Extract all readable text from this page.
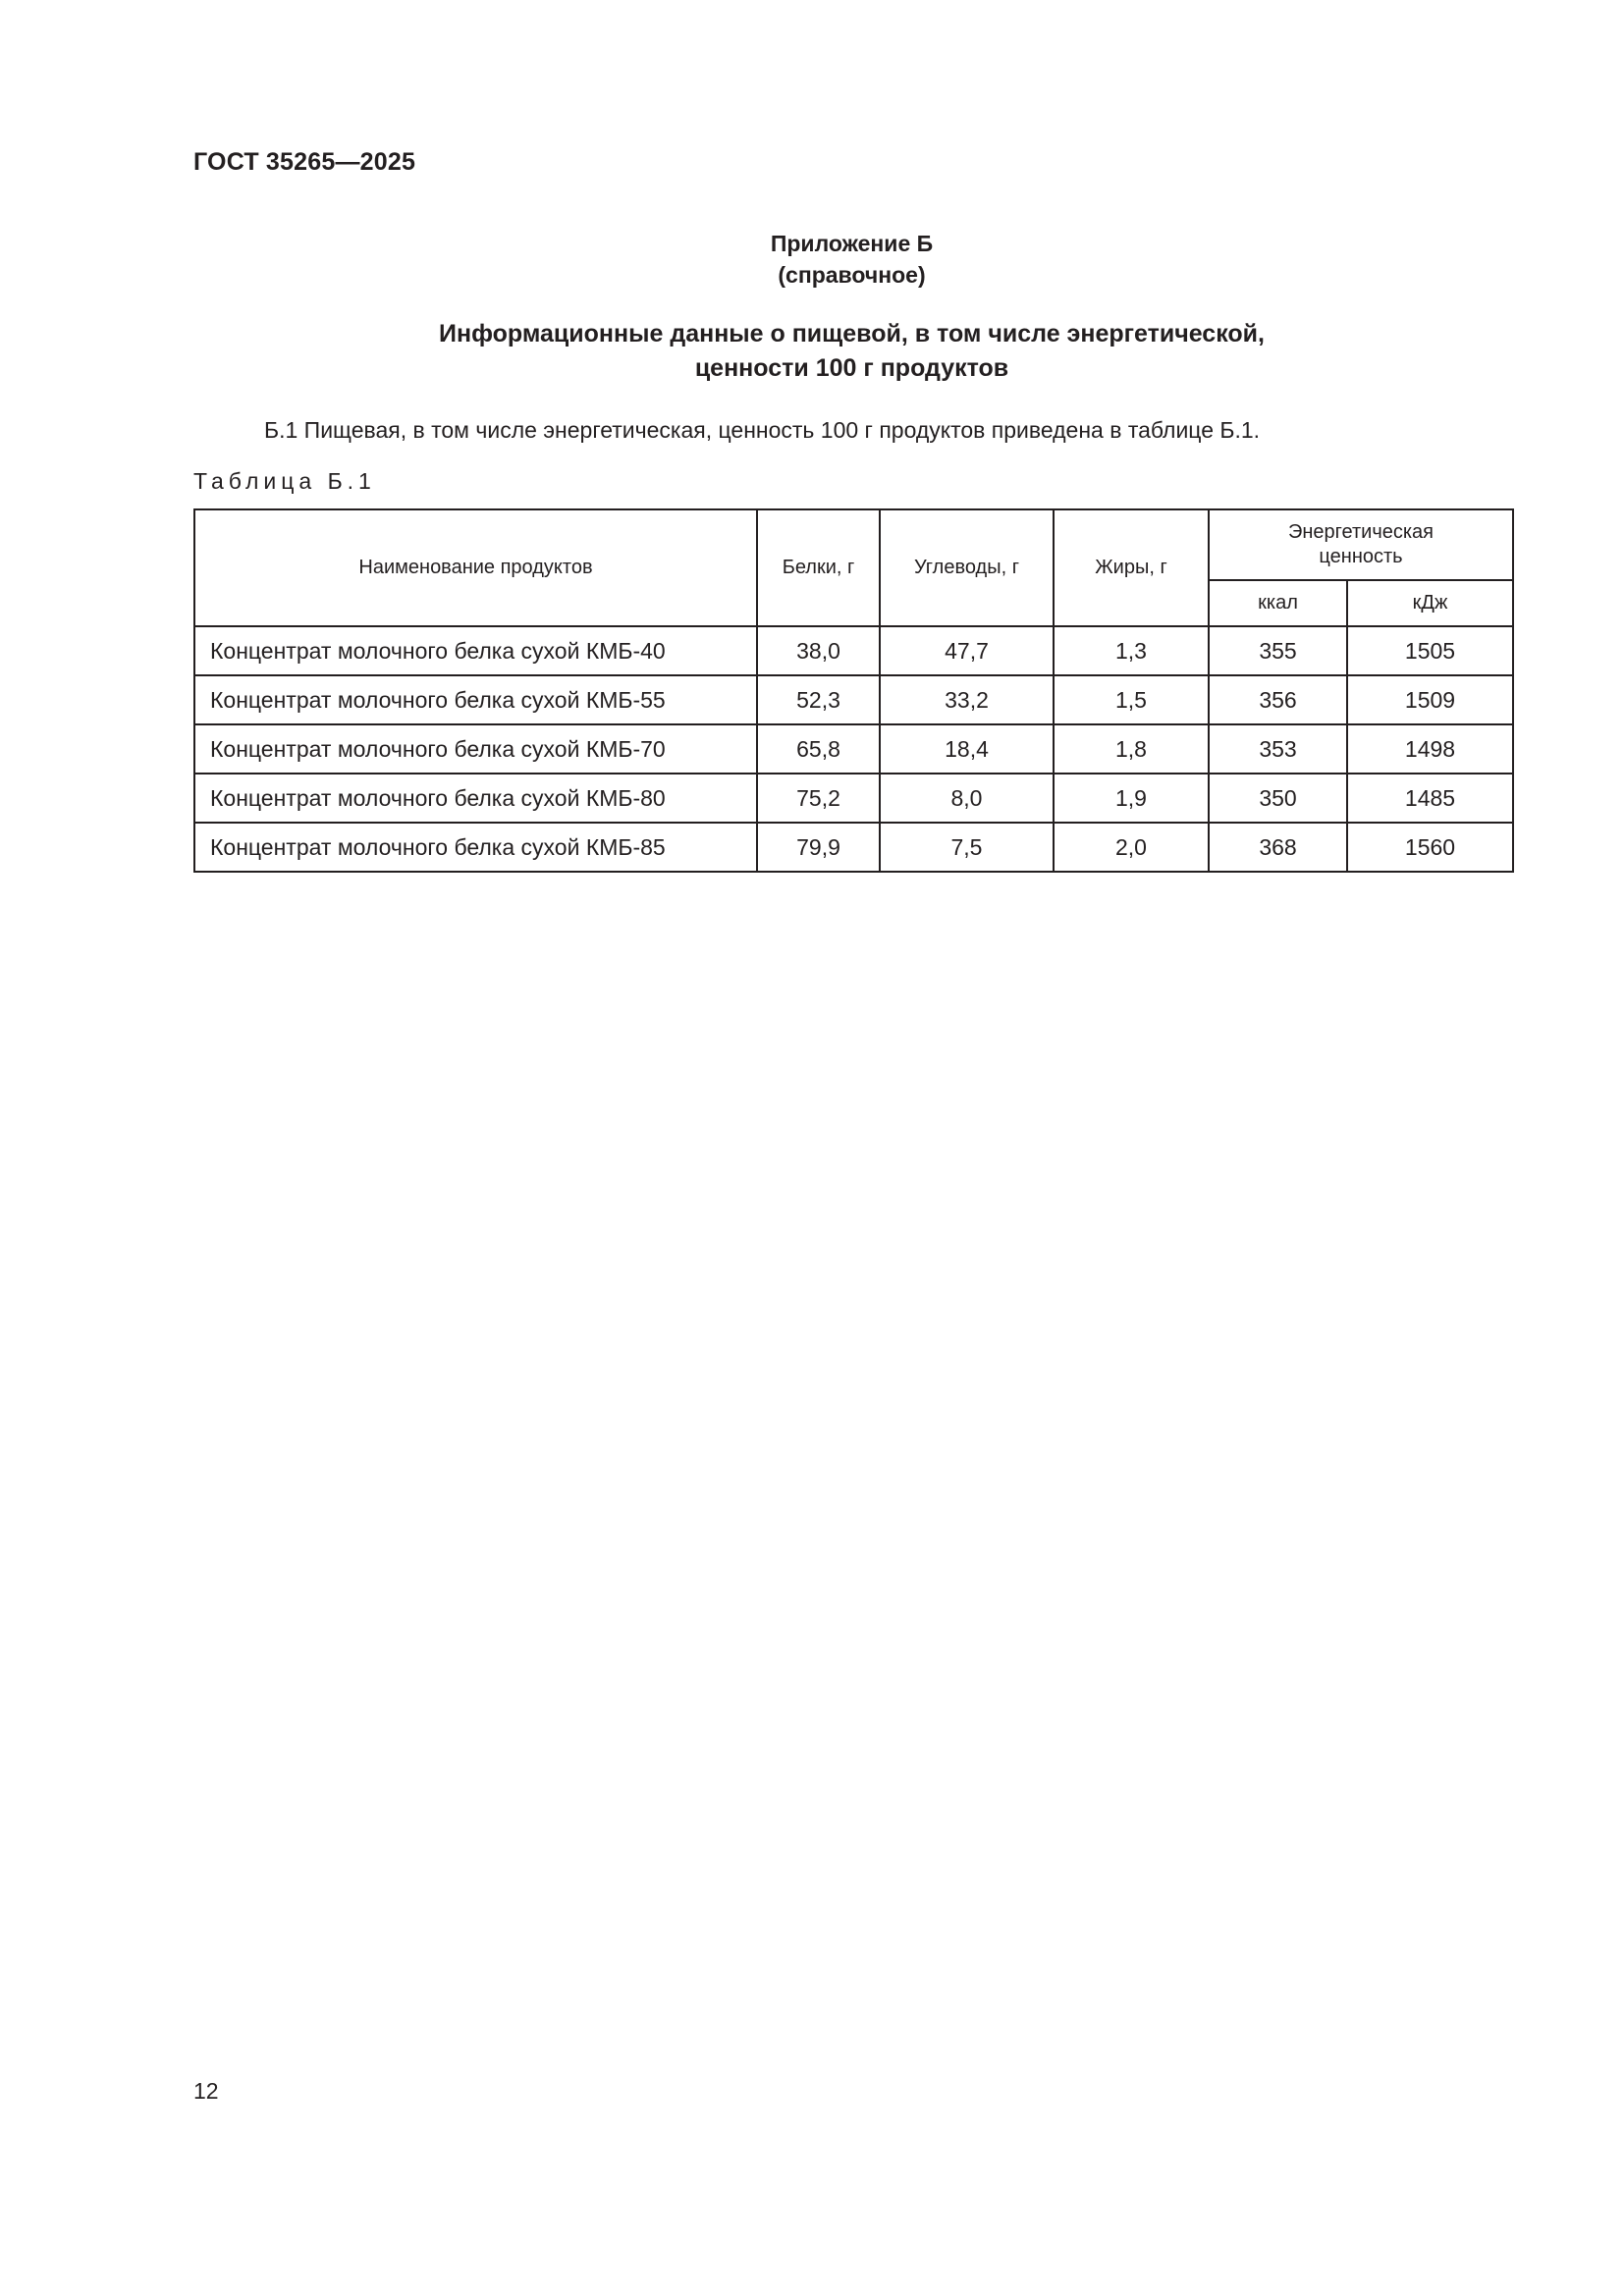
ГОСТ 35265—2025
Приложение Б
(справочное)
Информационные данные о пищевой, в том числе энергетической,
ценности 100 г продуктов
Б.1 Пищевая, в том числе энергетическая, ценность 100 г продуктов приведена в таблице Б.1.
Таблица Б.1
Наименование продуктов	Белки, г	Углеводы, г	Жиры, г	Энергетическая
ценность	

				ккал	кДж
Концентрат молочного белка сухой КМБ-40	38,0	47,7	1,3	355	1505
Концентрат молочного белка сухой КМБ-55	52,3	33,2	1,5	356	1509
Концентрат молочного белка сухой КМБ-70	65,8	18,4	1,8	353	1498
Концентрат молочного белка сухой КМБ-80	75,2	8,0	1,9	350	1485
Концентрат молочного белка сухой КМБ-85	79,9	7,5	2,0	368	1560
12
